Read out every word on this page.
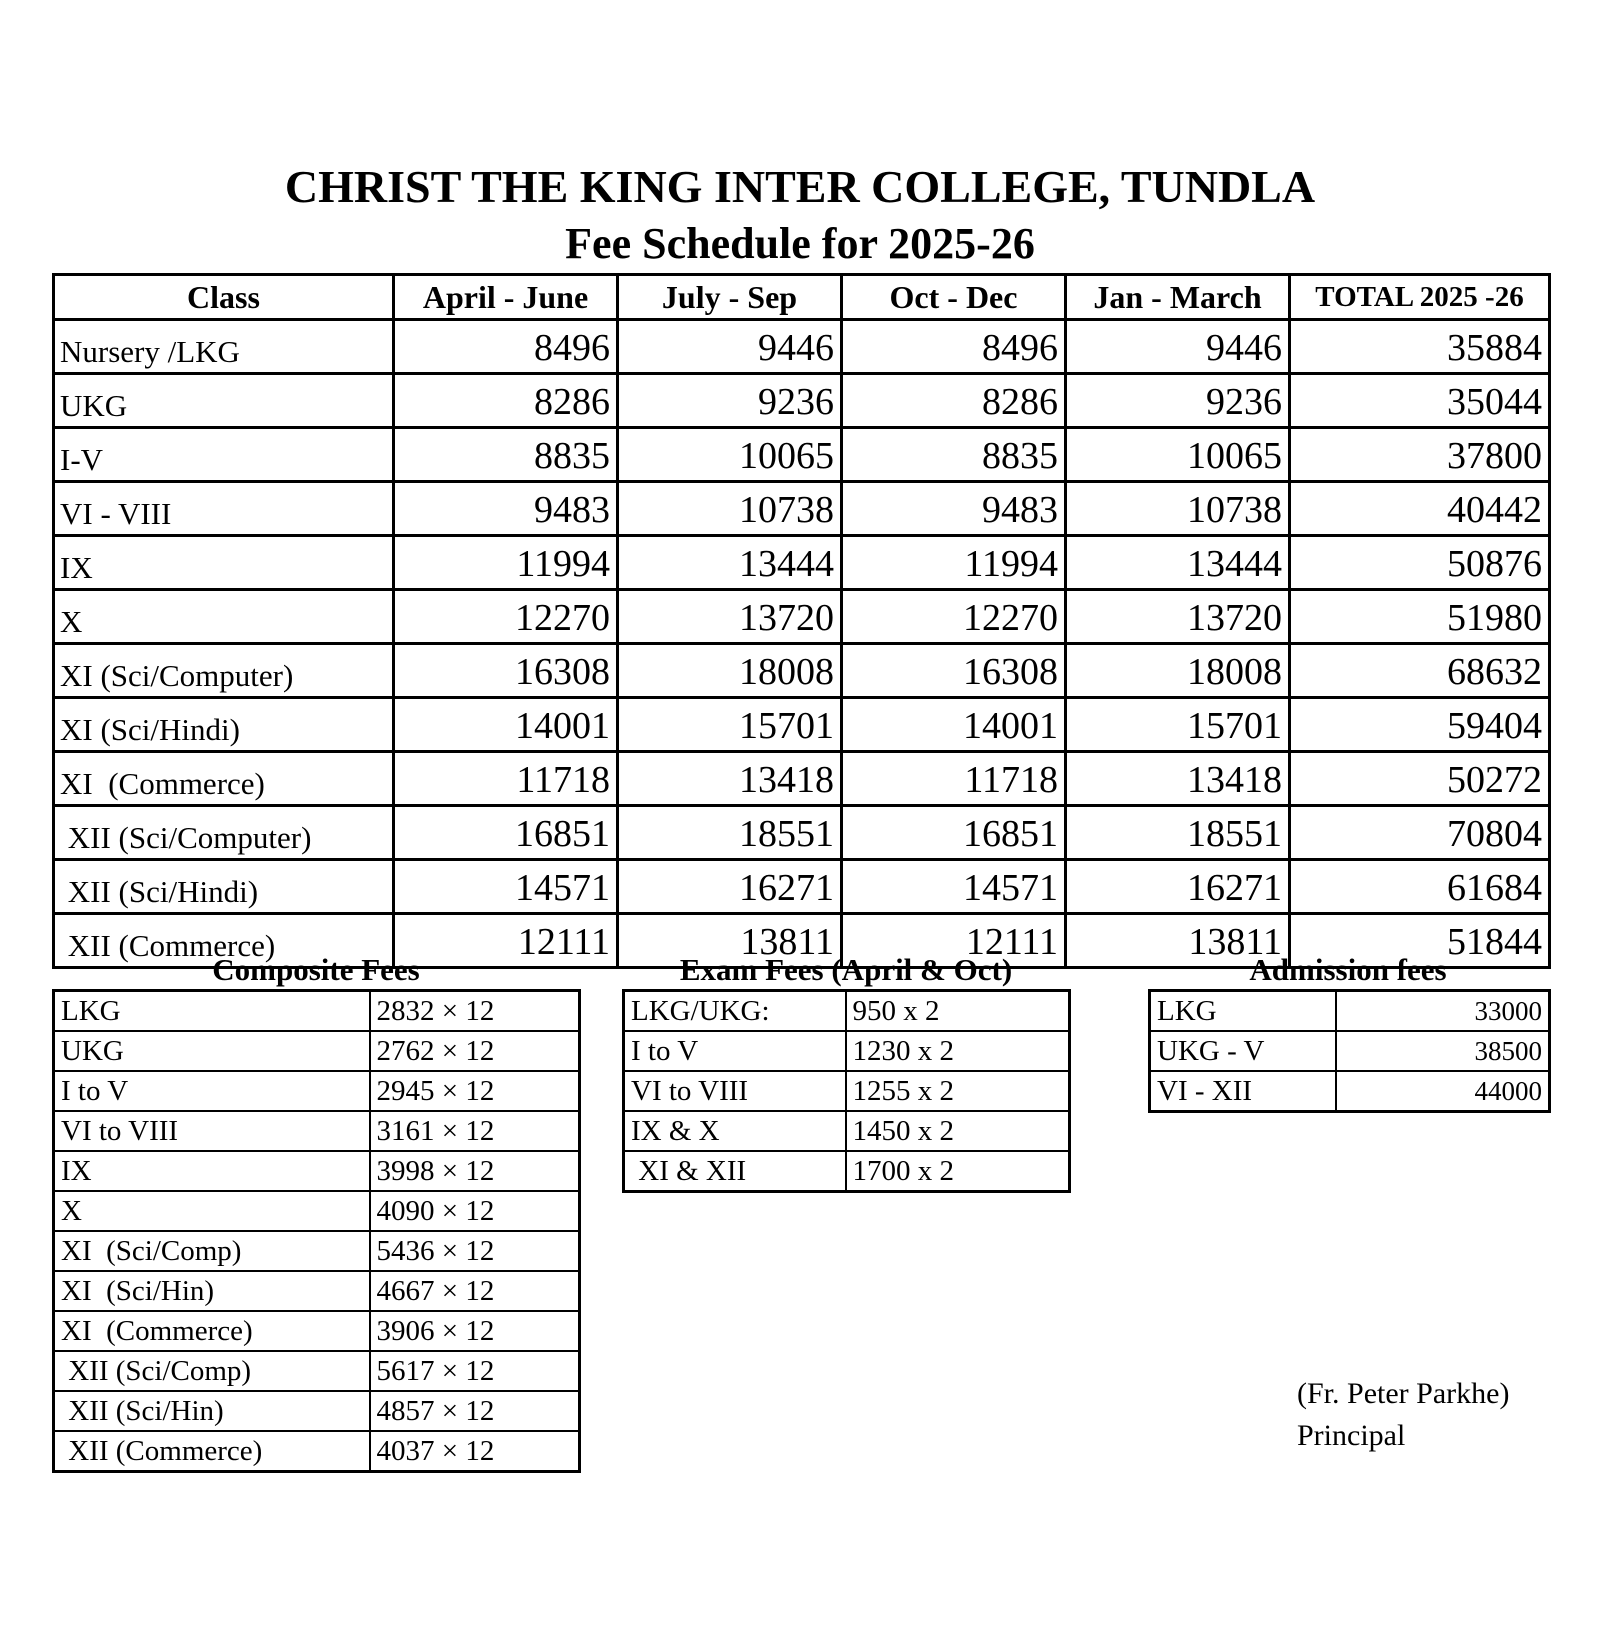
CHRIST THE KING INTER COLLEGE, TUNDLA
Fee Schedule for 2025-26
Class	April - June	July - Sep	Oct - Dec	Jan - March	TOTAL 2025 -26
Nursery /LKG	8496	9446	8496	9446	35884
UKG	8286	9236	8286	9236	35044
I-V	8835	10065	8835	10065	37800
VI - VIII	9483	10738	9483	10738	40442
IX	11994	13444	11994	13444	50876
X	12270	13720	12270	13720	51980
XI (Sci/Computer)	16308	18008	16308	18008	68632
XI (Sci/Hindi)	14001	15701	14001	15701	59404
XI  (Commerce)	11718	13418	11718	13418	50272
XII (Sci/Computer)	16851	18551	16851	18551	70804
XII (Sci/Hindi)	14571	16271	14571	16271	61684
XII (Commerce)	12111	13811	12111	13811	51844
Composite Fees	Exam Fees (April & Oct)	Admission fees
LKG	2832 × 12
UKG	2762 × 12
I to V	2945 × 12
VI to VIII	3161 × 12
IX	3998 × 12
X	4090 × 12
XI  (Sci/Comp)	5436 × 12
XI  (Sci/Hin)	4667 × 12
XI  (Commerce)	3906 × 12
XII (Sci/Comp)	5617 × 12
XII (Sci/Hin)	4857 × 12
XII (Commerce)	4037 × 12
LKG/UKG:	950 x 2
I to V	1230 x 2
VI to VIII	1255 x 2
IX & X	1450 x 2
XI & XII	1700 x 2
LKG	33000
UKG - V	38500
VI - XII	44000
(Fr. Peter Parkhe)
Principal
